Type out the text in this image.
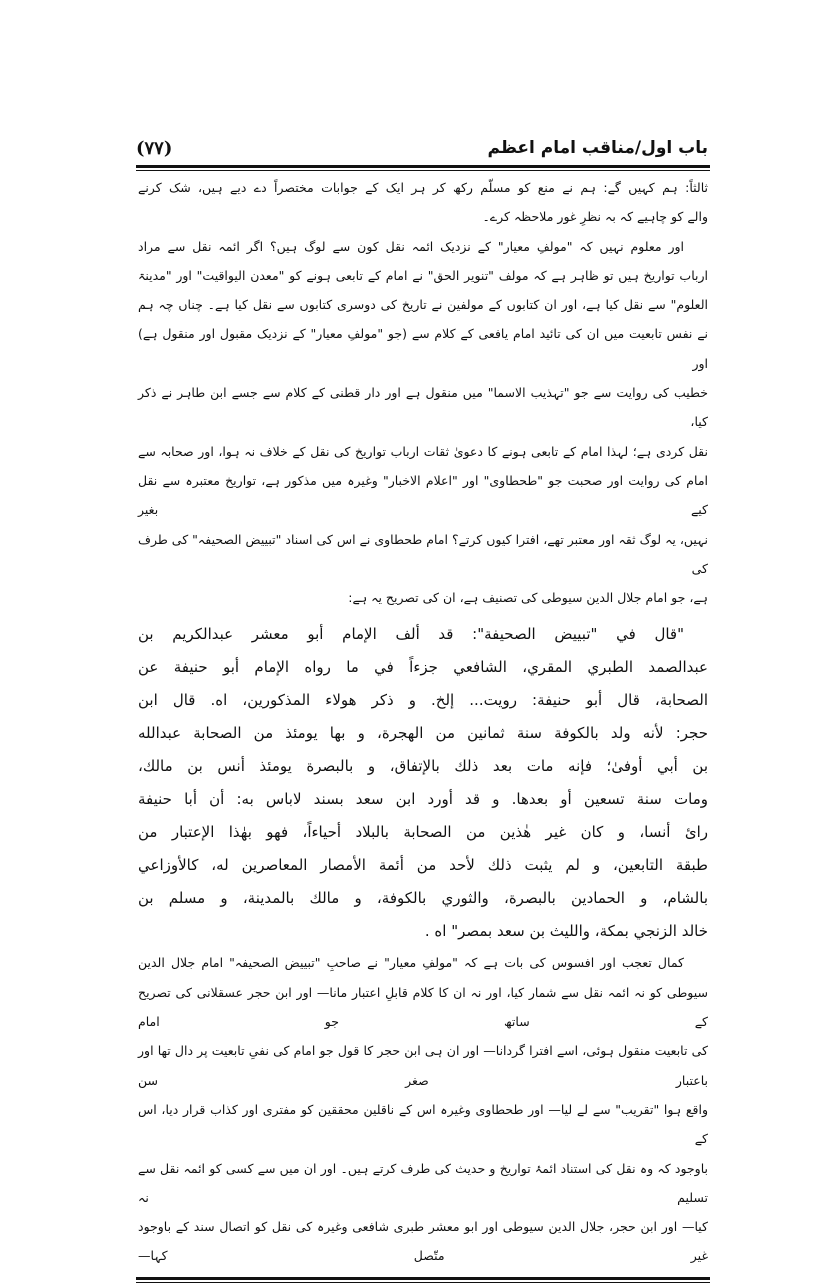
باب اول/مناقب امام اعظم
(۷۷)
ثالثاً: ہم کہیں گے: ہم نے منع کو مسلّم رکھ کر ہر ایک کے جوابات مختصراً دے دیے ہیں، شک کرنے
والے کو چاہیے کہ بہ نظرِ غور ملاحظہ کرے۔
اور معلوم نہیں کہ "مولفِ معیار" کے نزدیک ائمہ نقل کون سے لوگ ہیں؟ اگر ائمہ نقل سے مراد
ارباب تواریخ ہیں تو ظاہر ہے کہ مولف "تنویر الحق" نے امام کے تابعی ہونے کو "معدن الیواقیت" اور "مدینۃ
العلوم" سے نقل کیا ہے، اور ان کتابوں کے مولفین نے تاریخ کی دوسری کتابوں سے نقل کیا ہے۔ چناں چہ ہم
نے نفس تابعیت میں ان کی تائید امام یافعی کے کلام سے (جو "مولفِ معیار" کے نزدیک مقبول اور منقول ہے) اور
خطیب کی روایت سے جو "تہذیب الاسما" میں منقول ہے اور دار قطنی کے کلام سے جسے ابن طاہر نے ذکر کیا،
نقل کردی ہے؛ لہذا امام کے تابعی ہونے کا دعویٰ ثقات ارباب تواریخ کی نقل کے خلاف نہ ہوا، اور صحابہ سے
امام کی روایت اور صحبت جو "طحطاوی" اور "اعلام الاخبار" وغیرہ میں مذکور ہے، تواریخ معتبرہ سے نقل کیے بغیر
نہیں، یہ لوگ ثقہ اور معتبر تھے، افترا کیوں کرتے؟ امام طحطاوی نے اس کی اسناد "تبییض الصحیفہ" کی طرف کی
ہے، جو امام جلال الدین سیوطی کی تصنیف ہے، ان کی تصریح یہ ہے:
"قال في "تبييض الصحيفة": قد ألف الإمام أبو معشر عبدالكريم بن
عبدالصمد الطبري المقري، الشافعي جزءاً في ما رواه الإمام أبو حنيفة عن
الصحابة، قال أبو حنيفة: رويت... إلخ. و ذكر هولاء المذكورين، اه. قال ابن
حجر: لأنه ولد بالكوفة سنة ثمانين من الهجرة، و بها يومئذ من الصحابة عبدالله
بن أبي أوفىٰ؛ فإنه مات بعد ذلك بالإتفاق، و بالبصرة يومئذ أنس بن مالك،
ومات سنة تسعين أو بعدها. و قد أورد ابن سعد بسند لاباس به: أن أبا حنيفة
رایٔ أنسا، و كان غير هٰذين من الصحابة بالبلاد أحياءاً، فهو بهٰذا الإعتبار من
طبقة التابعين، و لم يثبت ذلك لأحد من أئمة الأمصار المعاصرين له، كالأوزاعي
بالشام، و الحمادين بالبصرة، والثوري بالكوفة، و مالك بالمدينة، و مسلم بن
خالد الزنجي بمكة، والليث بن سعد بمصر" اه .
کمال تعجب اور افسوس کی بات ہے کہ "مولفِ معیار" نے صاحبِ "تبییض الصحیفہ" امام جلال الدین
سیوطی کو نہ ائمہ نقل سے شمار کیا، اور نہ ان کا کلام قابلِ اعتبار مانا— اور ابن حجر عسقلانی کی تصریح کے ساتھ جو امام
کی تابعیت منقول ہوئی، اسے افترا گردانا— اور ان ہی ابن حجر کا قول جو امام کی نفیِ تابعیت پر دال تھا اور باعتبار صغر سن
واقع ہوا "تقریب" سے لے لیا— اور طحطاوی وغیرہ اس کے ناقلین محققین کو مفتری اور کذاب قرار دیا، اس کے
باوجود کہ وہ نقل کی استناد ائمۂ تواریخ و حدیث کی طرف کرتے ہیں۔ اور ان میں سے کسی کو ائمہ نقل سے تسلیم نہ
کیا— اور ابن حجر، جلال الدین سیوطی اور ابو معشر طبری شافعی وغیرہ کی نقل کو اتصال سند کے باوجود غیر متّصل کہا—
